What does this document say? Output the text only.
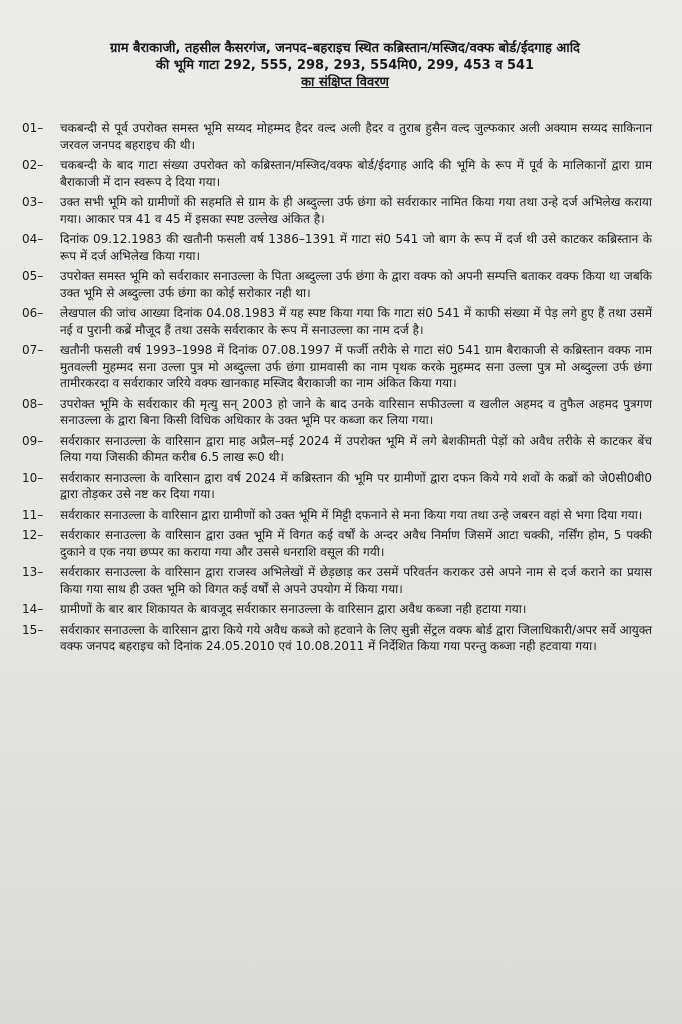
ग्राम बैराकाजी, तहसील कैसरगंज, जनपद–बहराइच स्थित कब्रिस्तान/मस्जिद/वक्फ बोर्ड/ईदगाह आदि
की भूमि गाटा 292, 555, 298, 293, 554मि0, 299, 453 व 541
का संक्षिप्त विवरण
01–	चकबन्दी से पूर्व उपरोक्त समस्त भूमि सय्यद मोहम्मद हैदर वल्द अली हैदर व तुराब हुसैन वल्द जुल्फकार अली अक्याम सय्यद साकिनान जरवल जनपद बहराइच की थी।
02–	चकबन्दी के बाद गाटा संख्या उपरोक्त को कब्रिस्तान/मस्जिद/वक्फ बोर्ड/ईदगाह आदि की भूमि के रूप में पूर्व के मालिकानों द्वारा ग्राम बैराकाजी में दान स्वरूप दे दिया गया।
03–	उक्त सभी भूमि को ग्रामीणों की सहमति से ग्राम के ही अब्दुल्ला उर्फ छंगा को सर्वराकार नामित किया गया तथा उन्हे दर्ज अभिलेख कराया गया। आकार पत्र 41 व 45 में इसका स्पष्ट उल्लेख अंकित है।
04–	दिनांक 09.12.1983 की खतौनी फसली वर्ष 1386–1391 में गाटा सं0 541 जो बाग के रूप में दर्ज थी उसे काटकर कब्रिस्तान के रूप में दर्ज अभिलेख किया गया।
05–	उपरोक्त समस्त भूमि को सर्वराकार सनाउल्ला के पिता अब्दुल्ला उर्फ छंगा के द्वारा वक्फ को अपनी सम्पत्ति बताकर वक्फ किया था जबकि उक्त भूमि से अब्दुल्ला उर्फ छंगा का कोई सरोकार नही था।
06–	लेखपाल की जांच आख्या दिनांक 04.08.1983 में यह स्पष्ट किया गया कि गाटा सं0 541 में काफी संख्या में पेड़ लगे हुए हैं तथा उसमें नई व पुरानी कब्रें मौजूद हैं तथा उसके सर्वराकार के रूप में सनाउल्ला का नाम दर्ज है।
07–	खतौनी फसली वर्ष 1993–1998 में दिनांक 07.08.1997 में फर्जी तरीके से गाटा सं0 541 ग्राम बैराकाजी से कब्रिस्तान वक्फ नाम मुतवल्ली मुहम्मद सना उल्ला पुत्र मो अब्दुल्ला उर्फ छंगा ग्रामवासी का नाम पृथक करके मुहम्मद सना उल्ला पुत्र मो अब्दुल्ला उर्फ छंगा तामीरकरदा व सर्वराकार जरिये वक्फ खानकाह मस्जिद बैराकाजी का नाम अंकित किया गया।
08–	उपरोक्त भूमि के सर्वराकार की मृत्यु सन् 2003 हो जाने के बाद उनके वारिसान सफीउल्ला व खलील अहमद व तुफैल अहमद पुत्रगण सनाउल्ला के द्वारा बिना किसी विधिक अधिकार के उक्त भूमि पर कब्जा कर लिया गया।
09–	सर्वराकार सनाउल्ला के वारिसान द्वारा माह अप्रैल–मई 2024 में उपरोक्त भूमि में लगे बेशकीमती पेड़ों को अवैध तरीके से काटकर बेंच लिया गया जिसकी कीमत करीब 6.5 लाख रू0 थी।
10–	सर्वराकार सनाउल्ला के वारिसान द्वारा वर्ष 2024 में कब्रिस्तान की भूमि पर ग्रामीणों द्वारा दफन किये गये शवों के कब्रों को जे0सी0बी0 द्वारा तोड़कर उसे नष्ट कर दिया गया।
11–	सर्वराकार सनाउल्ला के वारिसान द्वारा ग्रामीणों को उक्त भूमि में मिट्टी दफनाने से मना किया गया तथा उन्हे जबरन वहां से भगा दिया गया।
12–	सर्वराकार सनाउल्ला के वारिसान द्वारा उक्त भूमि में विगत कई वर्षों के अन्दर अवैध निर्माण जिसमें आटा चक्की, नर्सिंग होम, 5 पक्की दुकाने व एक नया छप्पर का कराया गया और उससे धनराशि वसूल की गयी।
13–	सर्वराकार सनाउल्ला के वारिसान द्वारा राजस्व अभिलेखों में छेड़छाड़ कर उसमें परिवर्तन कराकर उसे अपने नाम से दर्ज कराने का प्रयास किया गया साथ ही उक्त भूमि को विगत कई वर्षों से अपने उपयोग में किया गया।
14–	ग्रामीणों के बार बार शिकायत के बावजूद सर्वराकार सनाउल्ला के वारिसान द्वारा अवैध कब्जा नही हटाया गया।
15–	सर्वराकार सनाउल्ला के वारिसान द्वारा किये गये अवैध कब्जे को हटवाने के लिए सुन्नी सेंट्रल वक्फ बोर्ड द्वारा जिलाधिकारी/अपर सर्वे आयुक्त वक्फ जनपद बहराइच को दिनांक 24.05.2010 एवं 10.08.2011 में निर्देशित किया गया परन्तु कब्जा नही हटवाया गया।
